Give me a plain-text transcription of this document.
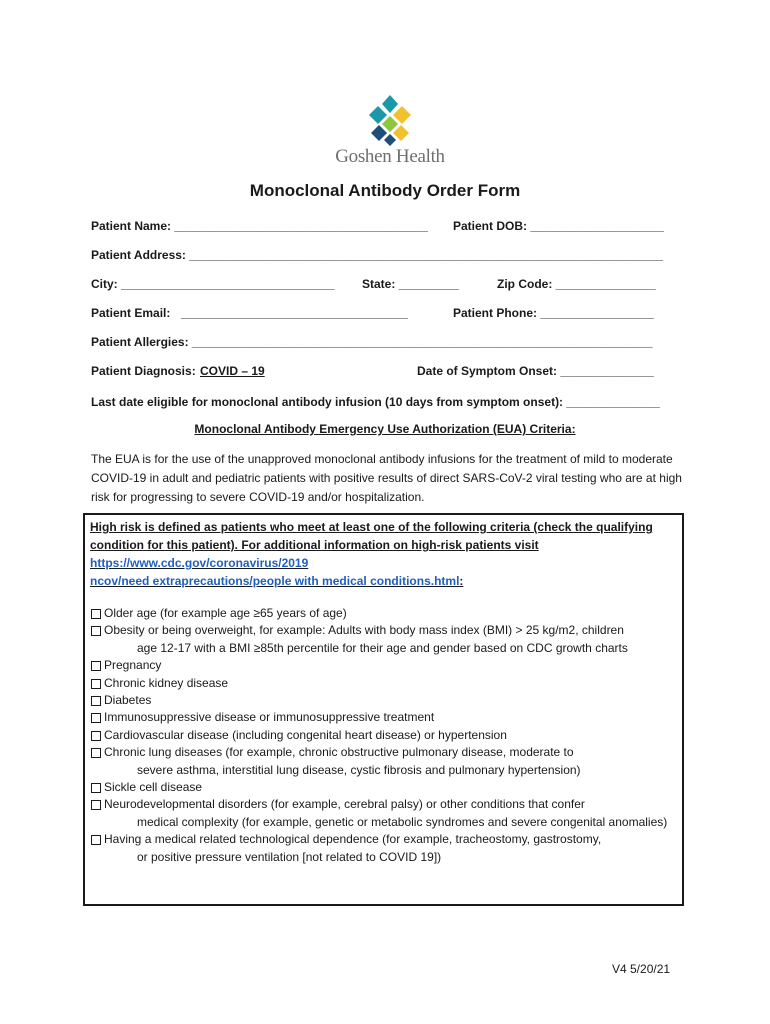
Goshen Health
Monoclonal Antibody Order Form
Patient Name: ______________________________________ Patient DOB: ____________________
Patient Address: _______________________________________________________________________
City: ________________________________ State: _________	Zip Code: _______________
Patient Email: __________________________________	Patient Phone: _________________
Patient Allergies: _____________________________________________________________________
Patient Diagnosis: COVID – 19	Date of Symptom Onset: ______________
Last date eligible for monoclonal antibody infusion (10 days from symptom onset): ______________
Monoclonal Antibody Emergency Use Authorization (EUA) Criteria:
The EUA is for the use of the unapproved monoclonal antibody infusions for the treatment of mild to moderate COVID-19 in adult and pediatric patients with positive results of direct SARS-CoV-2 viral testing who are at high risk for progressing to severe COVID-19 and/or hospitalization.
High risk is defined as patients who meet at least one of the following criteria (check the qualifying condition for this patient). For additional information on high-risk patients visit
https://www.cdc.gov/coronavirus/2019
ncov/need extraprecautions/people with medical conditions.html:
Older age (for example age ≥65 years of age)
Obesity or being overweight, for example: Adults with body mass index (BMI) > 25 kg/m2, children
age 12-17 with a BMI ≥85th percentile for their age and gender based on CDC growth charts
Pregnancy
Chronic kidney disease
Diabetes
Immunosuppressive disease or immunosuppressive treatment
Cardiovascular disease (including congenital heart disease) or hypertension
Chronic lung diseases (for example, chronic obstructive pulmonary disease, moderate to
severe asthma, interstitial lung disease, cystic fibrosis and pulmonary hypertension)
Sickle cell disease
Neurodevelopmental disorders (for example, cerebral palsy) or other conditions that confer
medical complexity (for example, genetic or metabolic syndromes and severe congenital anomalies)
Having a medical related technological dependence (for example, tracheostomy, gastrostomy,
or positive pressure ventilation [not related to COVID 19])
V4 5/20/21
